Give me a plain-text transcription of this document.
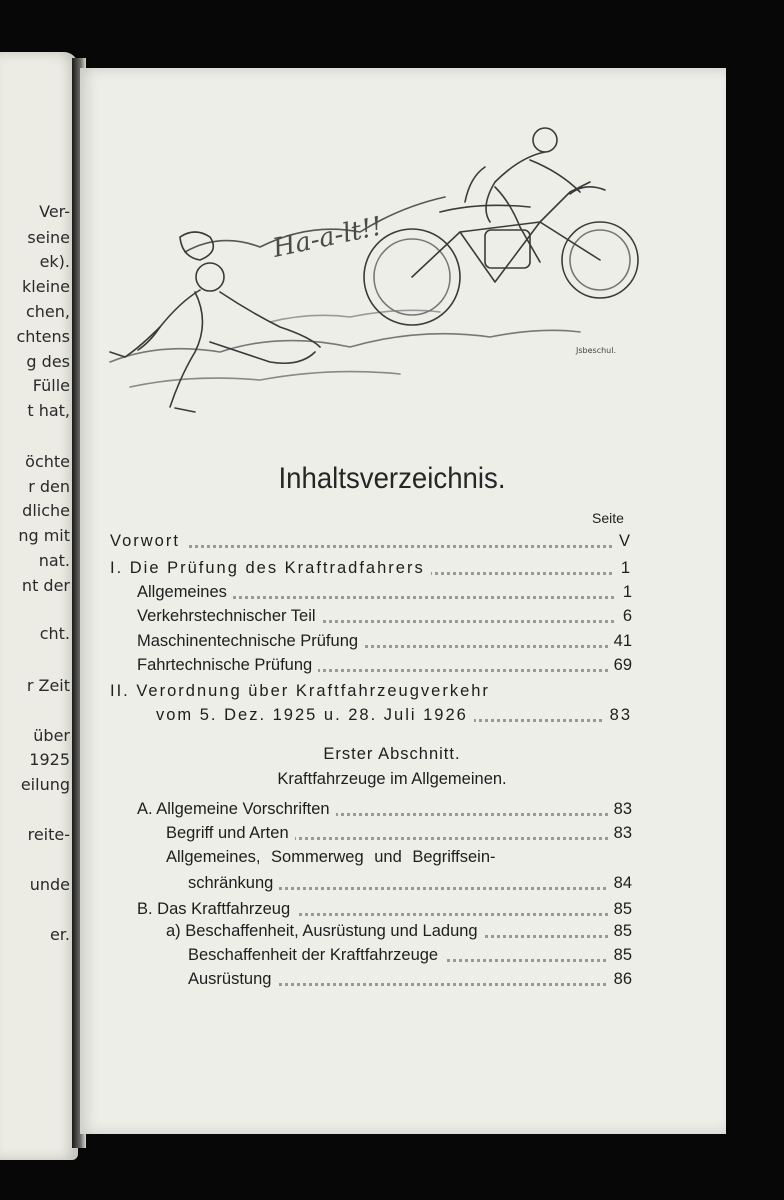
Ver-
seine
ek).
kleine
chen,
chtens
g des
Fülle
t hat,
öchte
r den
dliche
ng mit
nat.
nt der
cht.
r Zeit
über
1925
eilung
reite-
unde
er.
Ha-a-lt!!
Jsbeschul.
Inhaltsverzeichnis.
Seite
Vorwort	V
I. Die Prüfung des Kraftradfahrers	1
Allgemeines	1
Verkehrstechnischer Teil	6
Maschinentechnische Prüfung	41
Fahrtechnische Prüfung	69
II. Verordnung über Kraftfahrzeugverkehr
vom 5. Dez. 1925 u. 28. Juli 1926	83
Erster Abschnitt.
Kraftfahrzeuge im Allgemeinen.
A. Allgemeine Vorschriften	83
Begriff und Arten	83
Allgemeines, Sommerweg und Begriffsein-
schränkung	84
B. Das Kraftfahrzeug	85
a) Beschaffenheit, Ausrüstung und Ladung	85
Beschaffenheit der Kraftfahrzeuge	85
Ausrüstung	86
